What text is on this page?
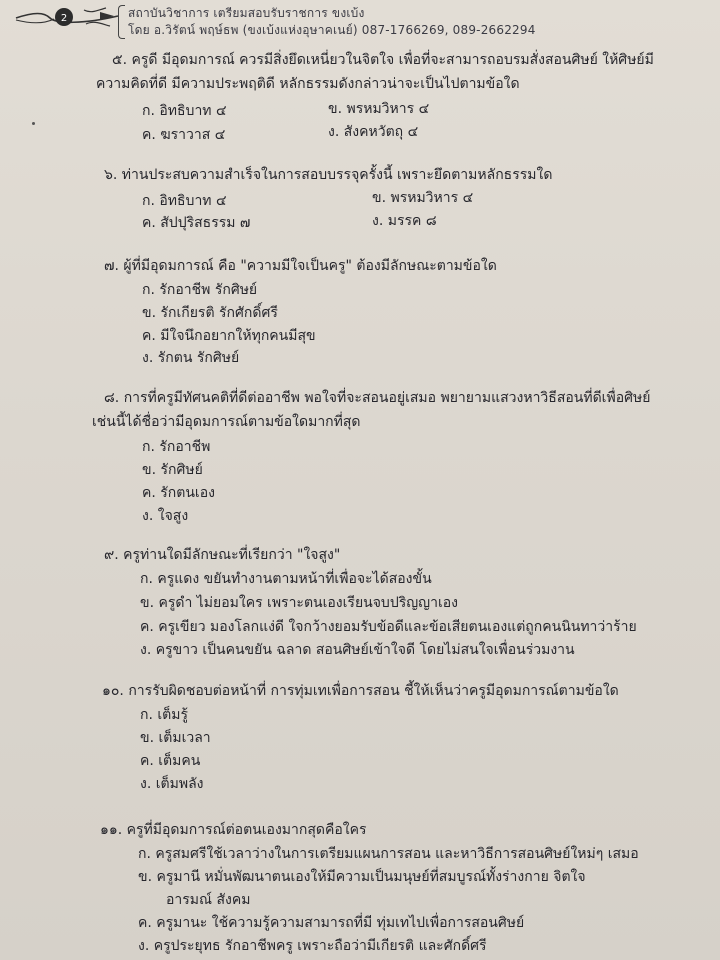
2	สถาบันวิชาการ เตรียมสอบรับราชการ ขงเบ้ง
โดย อ.วิรัตน์ พฤษ์ธพ (ขงเบ้งแห่งอุษาคเนย์) 087-1766269, 089-2662294
๕. ครูดี มีอุดมการณ์ ควรมีสิ่งยึดเหนี่ยวในจิตใจ เพื่อที่จะสามารถอบรมสั่งสอนศิษย์ ให้ศิษย์มี
ความคิดที่ดี มีความประพฤติดี หลักธรรมดังกล่าวน่าจะเป็นไปตามข้อใด
ก. อิทธิบาท ๔	ข. พรหมวิหาร ๔
ค. ฆราวาส ๔	ง. สังคหวัตถุ ๔
๖. ท่านประสบความสำเร็จในการสอบบรรจุครั้งนี้ เพราะยึดตามหลักธรรมใด
ก. อิทธิบาท ๔	ข. พรหมวิหาร ๔
ค. สัปปุริสธรรม ๗	ง. มรรค ๘
๗. ผู้ที่มีอุดมการณ์ คือ "ความมีใจเป็นครู" ต้องมีลักษณะตามข้อใด
ก. รักอาชีพ รักศิษย์
ข. รักเกียรติ รักศักดิ์ศรี
ค. มีใจนึกอยากให้ทุกคนมีสุข
ง. รักตน รักศิษย์
๘. การที่ครูมีทัศนคติที่ดีต่ออาชีพ พอใจที่จะสอนอยู่เสมอ พยายามแสวงหาวิธีสอนที่ดีเพื่อศิษย์
เช่นนี้ได้ชื่อว่ามีอุดมการณ์ตามข้อใดมากที่สุด
ก. รักอาชีพ
ข. รักศิษย์
ค. รักตนเอง
ง. ใจสูง
๙. ครูท่านใดมีลักษณะที่เรียกว่า "ใจสูง"
ก. ครูแดง ขยันทำงานตามหน้าที่เพื่อจะได้สองขั้น
ข. ครูดำ ไม่ยอมใคร เพราะตนเองเรียนจบปริญญาเอง
ค. ครูเขียว มองโลกแง่ดี ใจกว้างยอมรับข้อดีและข้อเสียตนเองแต่ถูกคนนินทาว่าร้าย
ง. ครูขาว เป็นคนขยัน ฉลาด สอนศิษย์เข้าใจดี โดยไม่สนใจเพื่อนร่วมงาน
๑๐. การรับผิดชอบต่อหน้าที่ การทุ่มเทเพื่อการสอน ชี้ให้เห็นว่าครูมีอุดมการณ์ตามข้อใด
ก. เต็มรู้
ข. เต็มเวลา
ค. เต็มคน
ง. เต็มพลัง
๑๑. ครูที่มีอุดมการณ์ต่อตนเองมากสุดคือใคร
ก. ครูสมศรีใช้เวลาว่างในการเตรียมแผนการสอน และหาวิธีการสอนศิษย์ใหม่ๆ เสมอ
ข. ครูมานี หมั่นพัฒนาตนเองให้มีความเป็นมนุษย์ที่สมบูรณ์ทั้งร่างกาย จิตใจ
อารมณ์ สังคม
ค. ครูมานะ ใช้ความรู้ความสามารถที่มี ทุ่มเทไปเพื่อการสอนศิษย์
ง. ครูประยุทธ รักอาชีพครู เพราะถือว่ามีเกียรติ และศักดิ์ศรี
